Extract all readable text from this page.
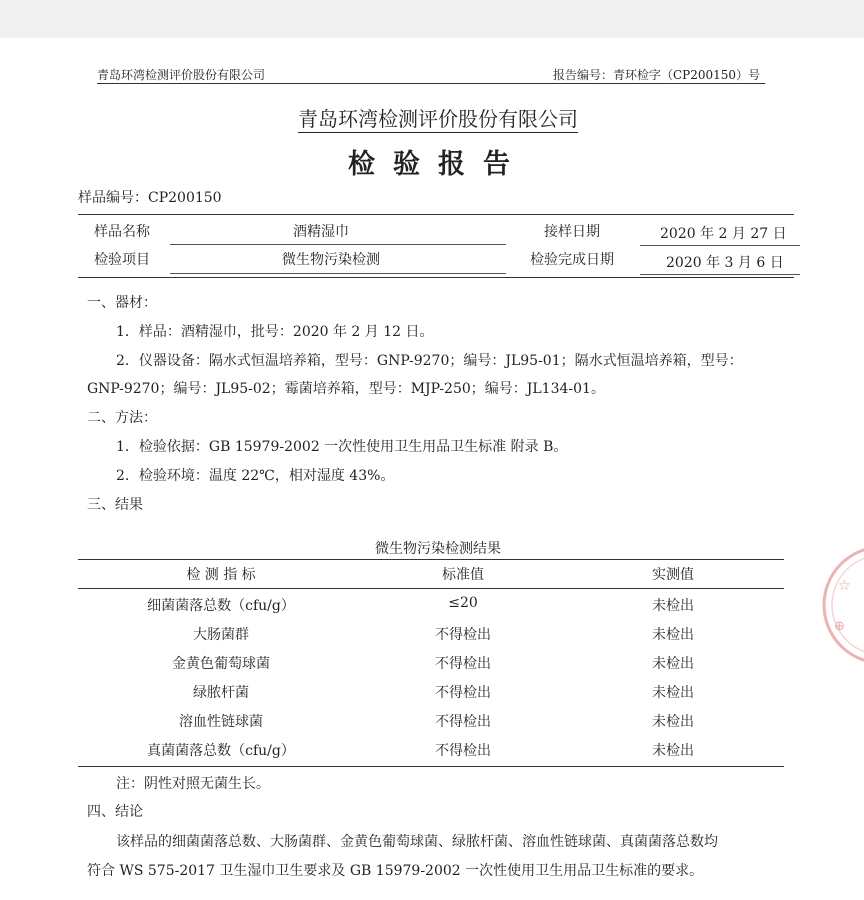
青岛环湾检测评价股份有限公司	报告编号：青环检字（CP200150）号
青岛环湾检测评价股份有限公司
检验报告
样品编号：CP200150
样品名称	酒精湿巾	接样日期	2020 年 2 月 27 日
检验项目	微生物污染检测	检验完成日期	2020 年 3 月 6 日
一、器材：
1．样品：酒精湿巾，批号：2020 年 2 月 12 日。
2．仪器设备：隔水式恒温培养箱，型号：GNP-9270；编号：JL95-01；隔水式恒温培养箱，型号：
GNP-9270；编号：JL95-02；霉菌培养箱，型号：MJP-250；编号：JL134-01。
二、方法：
1．检验依据：GB 15979-2002 一次性使用卫生用品卫生标准 附录 B。
2．检验环境：温度 22℃，相对湿度 43%。
三、结果
微生物污染检测结果
检 测 指 标	标准值	实测值
细菌菌落总数（cfu/g）	≤20	未检出
大肠菌群	不得检出	未检出
金黄色葡萄球菌	不得检出	未检出
绿脓杆菌	不得检出	未检出
溶血性链球菌	不得检出	未检出
真菌菌落总数（cfu/g）	不得检出	未检出
注：阴性对照无菌生长。
四、结论
该样品的细菌菌落总数、大肠菌群、金黄色葡萄球菌、绿脓杆菌、溶血性链球菌、真菌菌落总数均
符合 WS 575-2017 卫生湿巾卫生要求及 GB 15979-2002 一次性使用卫生用品卫生标准的要求。
☆
⊕
